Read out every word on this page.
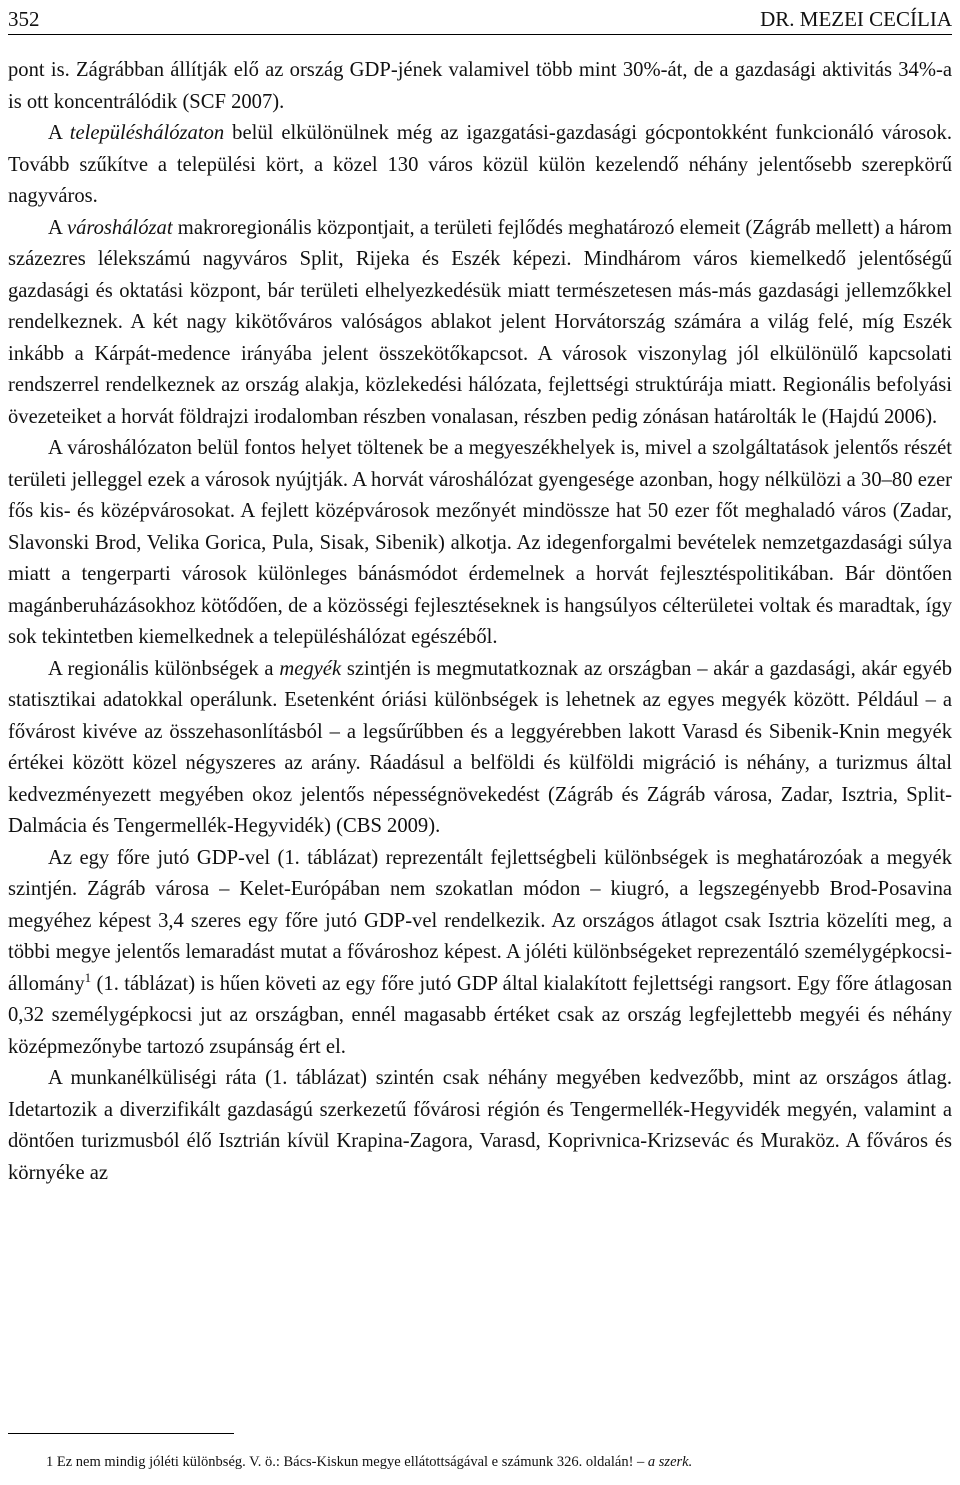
352	DR. MEZEI CECÍLIA

pont is. Zágrábban állítják elő az ország GDP-jének valamivel több mint 30%-át, de a gazdasági aktivitás 34%-a is ott koncentrálódik (SCF 2007).

A településhálózaton belül elkülönülnek még az igazgatási-gazdasági gócpontokként funkcionáló városok. Tovább szűkítve a települési kört, a közel 130 város közül külön kezelendő néhány jelentősebb szerepkörű nagyváros.

A városhálózat makroregionális központjait, a területi fejlődés meghatározó elemeit (Zágráb mellett) a három százezres lélekszámú nagyváros Split, Rijeka és Eszék képezi. Mindhárom város kiemelkedő jelentőségű gazdasági és oktatási központ, bár területi elhelyezkedésük miatt természetesen más-más gazdasági jellemzőkkel rendelkeznek. A két nagy kikötőváros valóságos ablakot jelent Horvátország számára a világ felé, míg Eszék inkább a Kárpát-medence irányába jelent összekötőkapcsot. A városok viszonylag jól elkülönülő kapcsolati rendszerrel rendelkeznek az ország alakja, közlekedési hálózata, fejlettségi struktúrája miatt. Regionális befolyási övezeteiket a horvát földrajzi irodalomban részben vonalasan, részben pedig zónásan határolták le (Hajdú 2006).

A városhálózaton belül fontos helyet töltenek be a megyeszékhelyek is, mivel a szolgáltatások jelentős részét területi jelleggel ezek a városok nyújtják. A horvát városhálózat gyengesége azonban, hogy nélkülözi a 30–80 ezer fős kis- és középvárosokat. A fejlett középvárosok mezőnyét mindössze hat 50 ezer főt meghaladó város (Zadar, Slavonski Brod, Velika Gorica, Pula, Sisak, Sibenik) alkotja. Az idegenforgalmi bevételek nemzetgazdasági súlya miatt a tengerparti városok különleges bánásmódot érdemelnek a horvát fejlesztéspolitikában. Bár döntően magánberuházásokhoz kötődően, de a közösségi fejlesztéseknek is hangsúlyos célterületei voltak és maradtak, így sok tekintetben kiemelkednek a településhálózat egészéből.

A regionális különbségek a megyék szintjén is megmutatkoznak az országban – akár a gazdasági, akár egyéb statisztikai adatokkal operálunk. Esetenként óriási különbségek is lehetnek az egyes megyék között. Például – a fővárost kivéve az összehasonlításból – a legsűrűbben és a leggyérebben lakott Varasd és Sibenik-Knin megyék értékei között közel négyszeres az arány. Ráadásul a belföldi és külföldi migráció is néhány, a turizmus által kedvezményezett megyében okoz jelentős népességnövekedést (Zágráb és Zágráb városa, Zadar, Isztria, Split-Dalmácia és Tengermellék-Hegyvidék) (CBS 2009).

Az egy főre jutó GDP-vel (1. táblázat) reprezentált fejlettségbeli különbségek is meghatározóak a megyék szintjén. Zágráb városa – Kelet-Európában nem szokatlan módon – kiugró, a legszegényebb Brod-Posavina megyéhez képest 3,4 szeres egy főre jutó GDP-vel rendelkezik. Az országos átlagot csak Isztria közelíti meg, a többi megye jelentős lemaradást mutat a fővároshoz képest. A jóléti különbségeket reprezentáló személygépkocsi-állomány$^1$ (1. táblázat) is hűen követi az egy főre jutó GDP által kialakított fejlettségi rangsort. Egy főre átlagosan 0,32 személygépkocsi jut az országban, ennél magasabb értéket csak az ország legfejlettebb megyéi és néhány középmezőnybe tartozó zsupánság ért el.

A munkanélküliségi ráta (1. táblázat) szintén csak néhány megyében kedvezőbb, mint az országos átlag. Idetartozik a diverzifikált gazdaságú szerkezetű fővárosi régión és Tengermellék-Hegyvidék megyén, valamint a döntően turizmusból élő Isztrián kívül Krapina-Zagora, Varasd, Koprivnica-Krizsevác és Muraköz. A főváros és környéke az

1 Ez nem mindig jóléti különbség. V. ö.: Bács-Kiskun megye ellátottságával e számunk 326. oldalán! – a szerk.
